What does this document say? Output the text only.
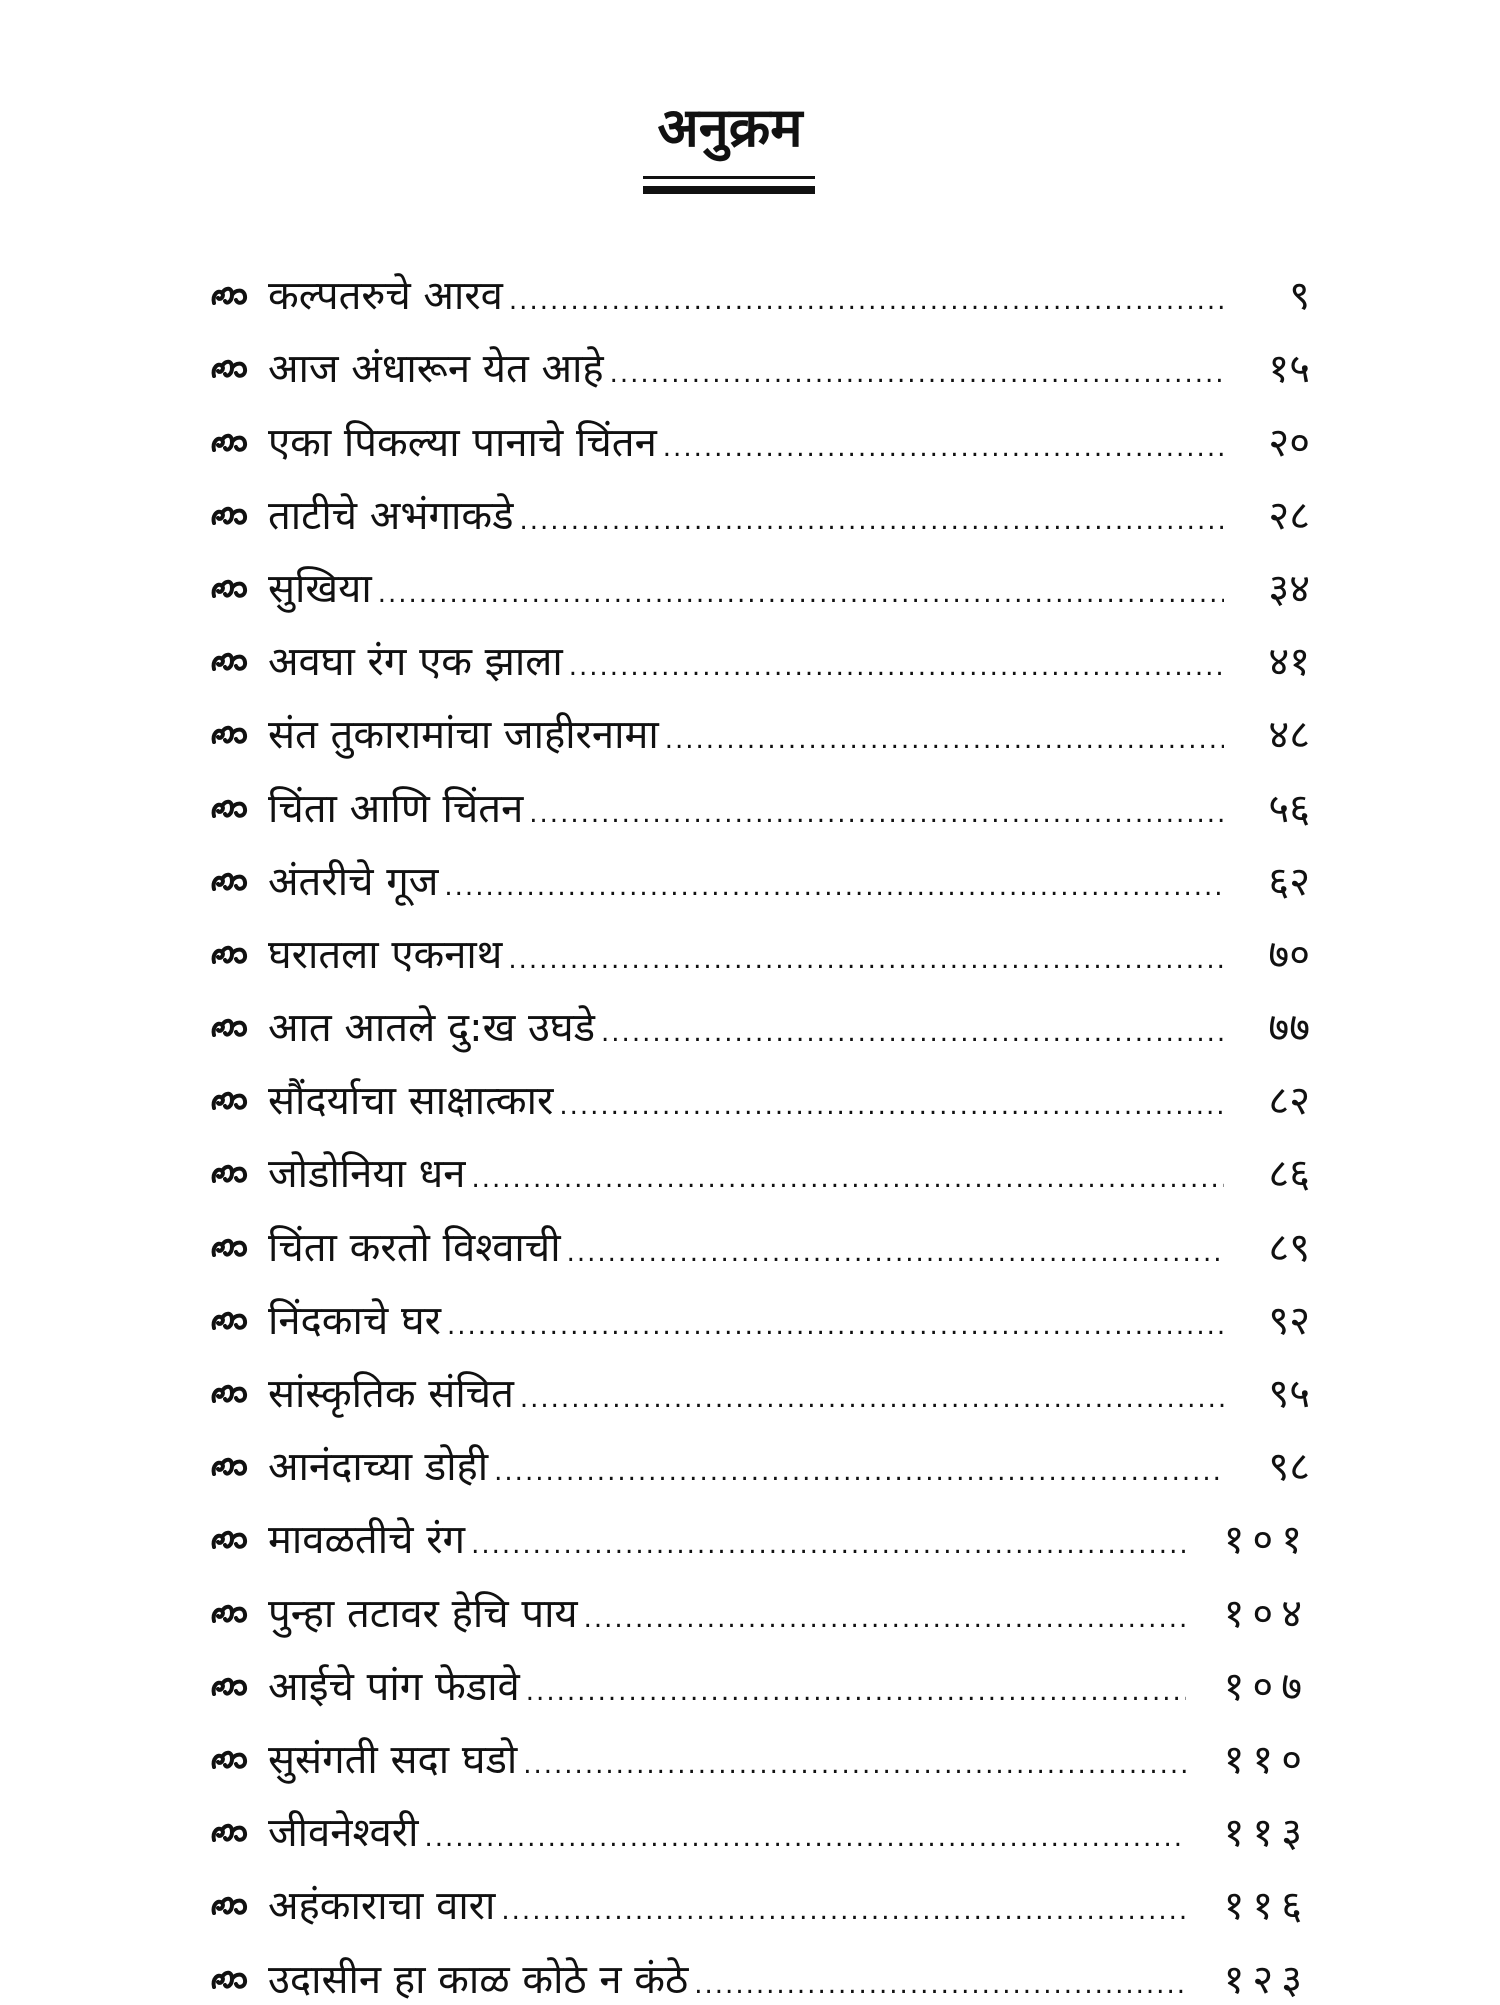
अनुक्रम
कल्पतरुचे आरव .....	९
आज अंधारून येत आहे .....	१५
एका पिकल्या पानाचे चिंतन .....	२०
ताटीचे अभंगाकडे .....	२८
सुखिया .....	३४
अवघा रंग एक झाला .....	४१
संत तुकारामांचा जाहीरनामा .....	४८
चिंता आणि चिंतन .....	५६
अंतरीचे गूज .....	६२
घरातला एकनाथ .....	७०
आत आतले दु:ख उघडे .....	७७
सौंदर्याचा साक्षात्कार .....	८२
जोडोनिया धन .....	८६
चिंता करतो विश्वाची .....	८९
निंदकाचे घर .....	९२
सांस्कृतिक संचित .....	९५
आनंदाच्या डोही .....	९८
मावळतीचे रंग .....	१०१
पुन्हा तटावर हेचि पाय .....	१०४
आईचे पांग फेडावे .....	१०७
सुसंगती सदा घडो .....	११०
जीवनेश्वरी .....	११३
अहंकाराचा वारा .....	११६
उदासीन हा काळ कोठे न कंठे .....	१२३
